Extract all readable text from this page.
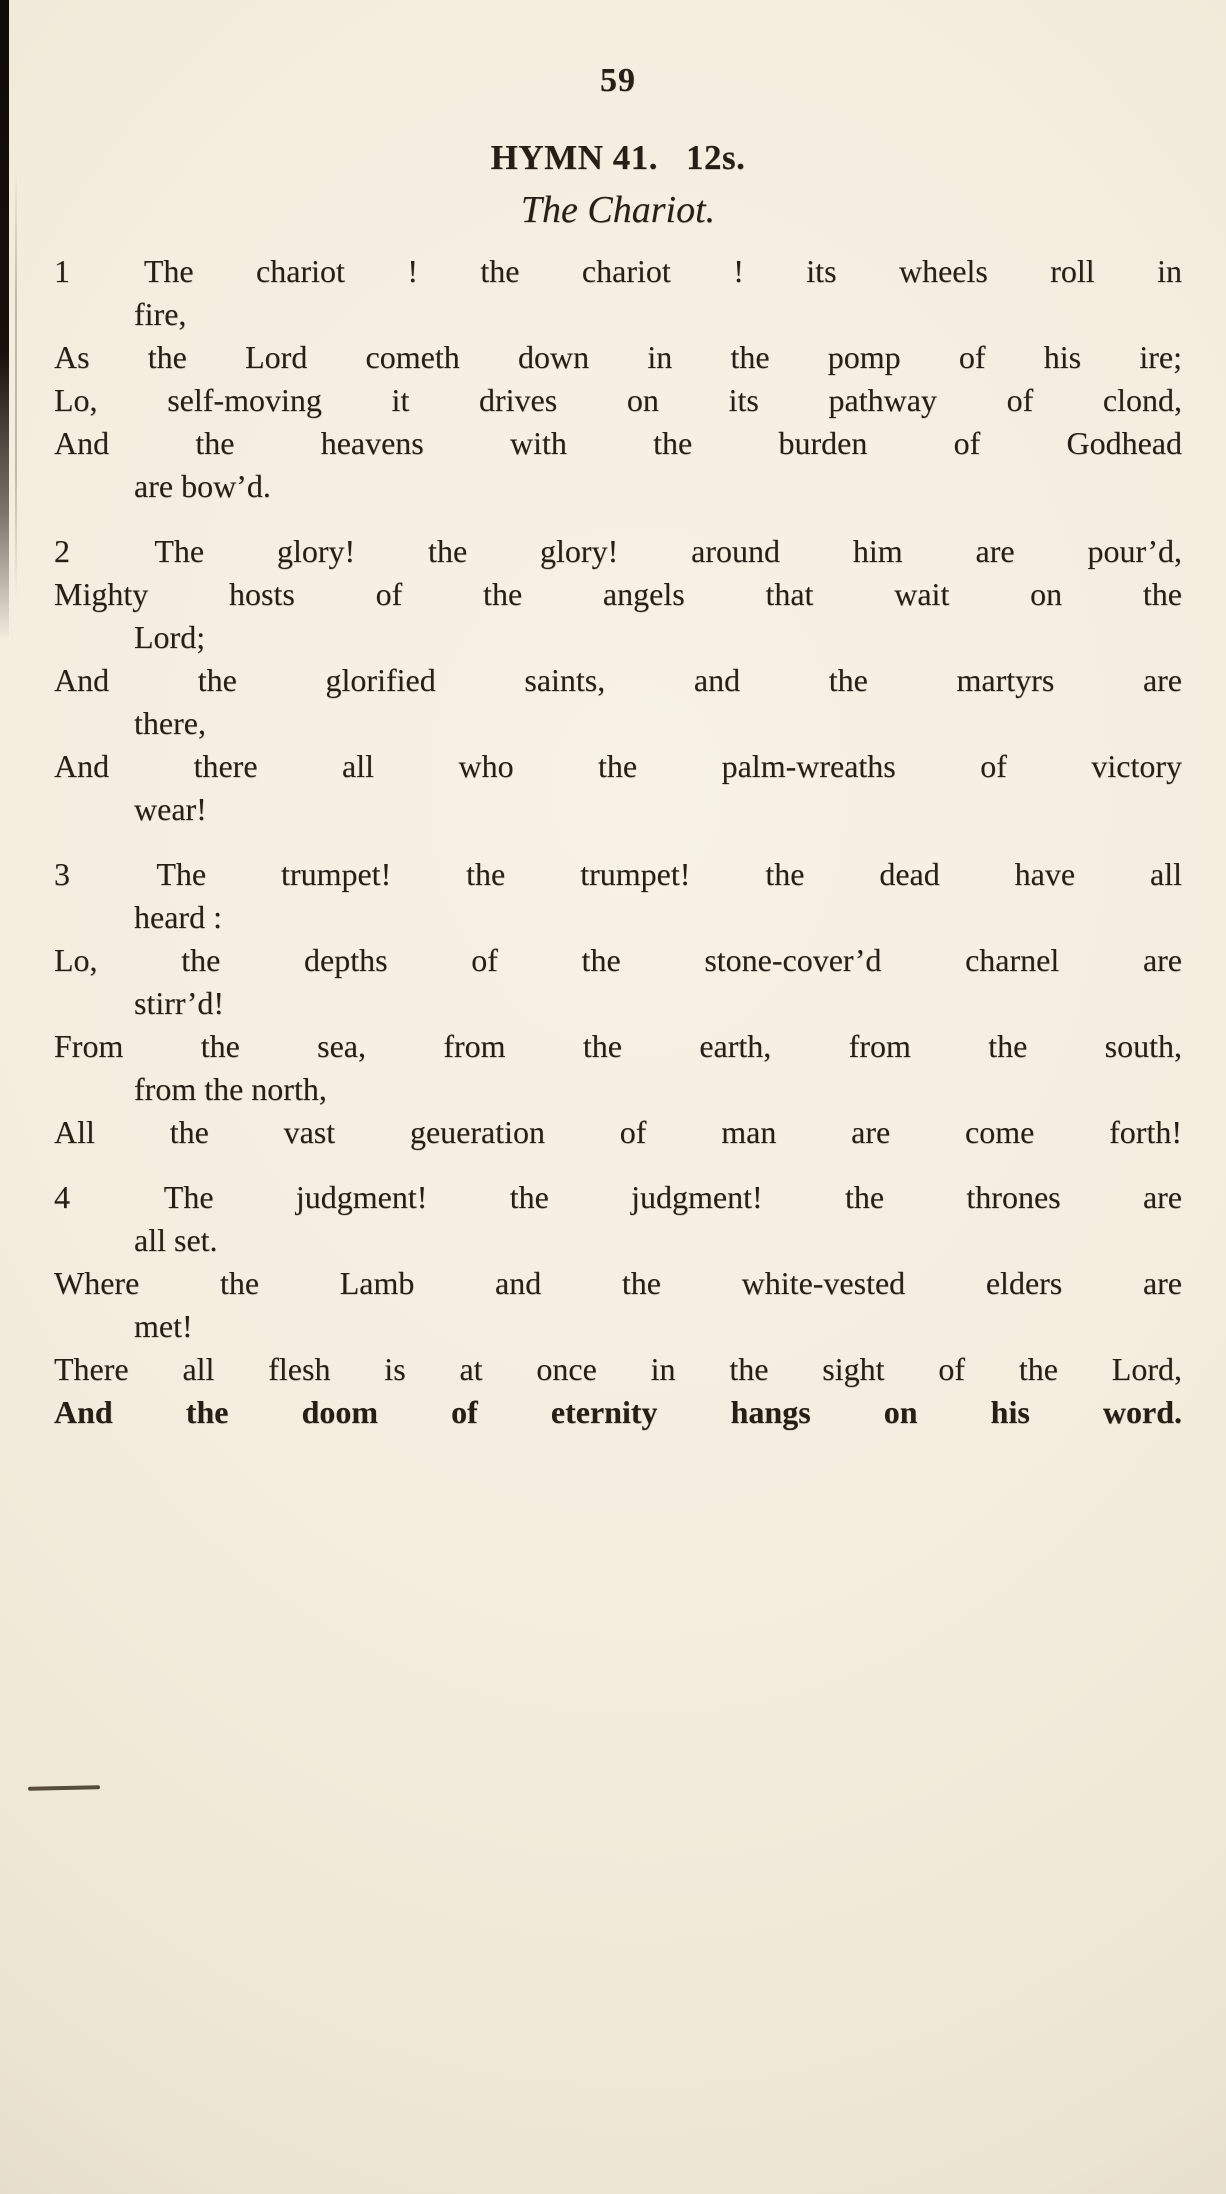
59
HYMN 41. 12s.
The Chariot.
1 The chariot ! the chariot ! its wheels roll in
fire,
As the Lord cometh down in the pomp of his ire;
Lo, self-moving it drives on its pathway of clond,
And the heavens with the burden of Godhead
are bow’d.
2	The glory! the glory! around him are pour’d,
Mighty hosts of the angels that wait on the
Lord;
And the glorified saints, and the martyrs are
there,
And there all who the palm-wreaths of victory
wear!
3	The trumpet! the trumpet! the dead have all
heard :
Lo, the depths of the stone-cover’d charnel are
stirr’d!
From the sea, from the earth, from the south,
from the north,
All the vast geueration of man are come forth!
4	The judgment! the judgment! the thrones are
all set.
Where the Lamb and the white-vested elders are
met!
There all flesh is at once in the sight of the Lord,
And the doom of eternity hangs on his word.
